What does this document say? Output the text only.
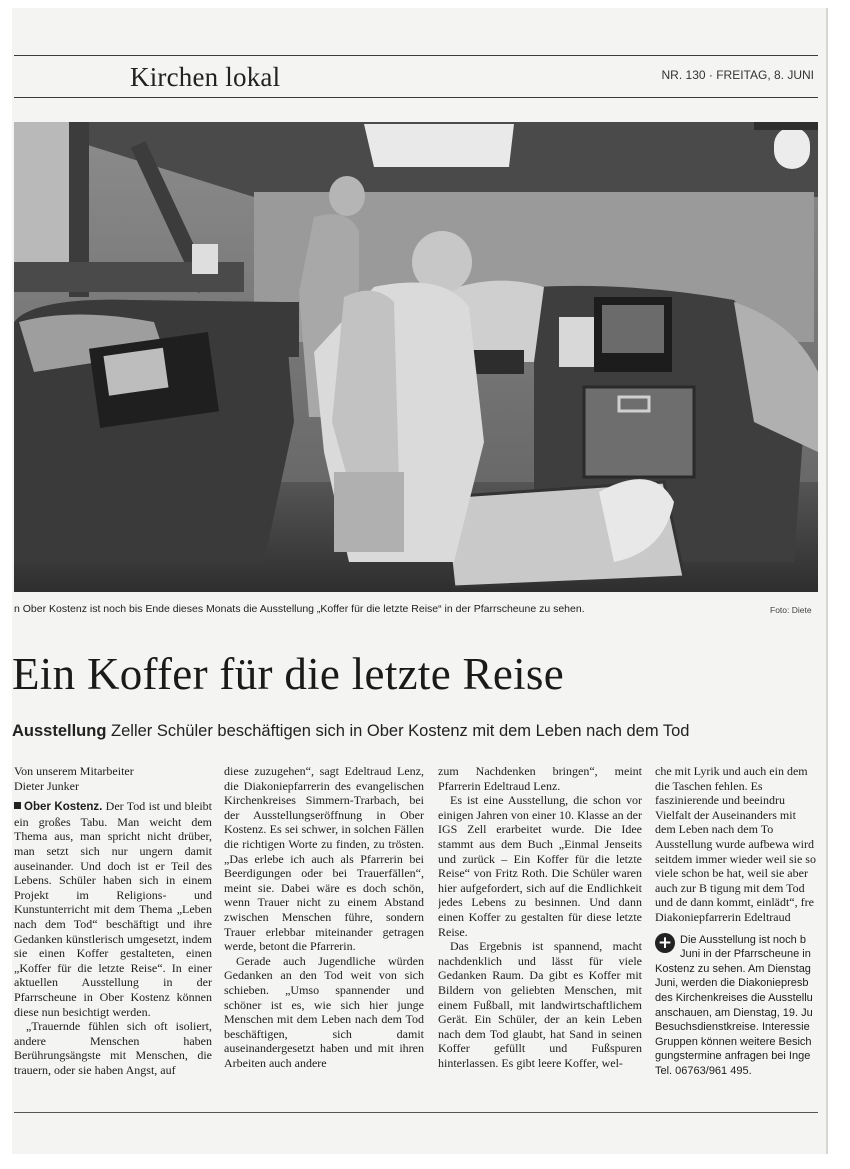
Kirchen lokal	NR. 130 · FREITAG, 8. JUNI
n Ober Kostenz ist noch bis Ende dieses Monats die Ausstellung „Koffer für die letzte Reise“ in der Pfarrscheune zu sehen.	Foto: Diete
Ein Koffer für die letzte Reise
Ausstellung Zeller Schüler beschäftigen sich in Ober Kostenz mit dem Leben nach dem Tod
Von unserem Mitarbeiter
Dieter Junker

Ober Kostenz. Der Tod ist und bleibt ein großes Tabu. Man weicht dem Thema aus, man spricht nicht drüber, man setzt sich nur ungern damit auseinander. Und doch ist er Teil des Lebens. Schüler haben sich in einem Projekt im Religions- und Kunstunterricht mit dem Thema „Leben nach dem Tod“ beschäftigt und ihre Gedanken künstlerisch umgesetzt, indem sie einen Koffer gestalteten, einen „Koffer für die letzte Reise“. In einer aktuellen Ausstellung in der Pfarrscheune in Ober Kostenz können diese nun besichtigt werden.

„Trauernde fühlen sich oft isoliert, andere Menschen haben Berührungsängste mit Menschen, die trauern, oder sie haben Angst, auf

diese zuzugehen“, sagt Edeltraud Lenz, die Diakoniepfarrerin des evangelischen Kirchenkreises Simmern-Trarbach, bei der Ausstellungseröffnung in Ober Kostenz. Es sei schwer, in solchen Fällen die richtigen Worte zu finden, zu trösten. „Das erlebe ich auch als Pfarrerin bei Beerdigungen oder bei Trauerfällen“, meint sie. Dabei wäre es doch schön, wenn Trauer nicht zu einem Abstand zwischen Menschen führe, sondern Trauer erlebbar miteinander getragen werde, betont die Pfarrerin.

Gerade auch Jugendliche würden Gedanken an den Tod weit von sich schieben. „Umso spannender und schöner ist es, wie sich hier junge Menschen mit dem Leben nach dem Tod beschäftigen, sich damit auseinandergesetzt haben und mit ihren Arbeiten auch andere

zum Nachdenken bringen“, meint Pfarrerin Edeltraud Lenz.

Es ist eine Ausstellung, die schon vor einigen Jahren von einer 10. Klasse an der IGS Zell erarbeitet wurde. Die Idee stammt aus dem Buch „Einmal Jenseits und zurück – Ein Koffer für die letzte Reise“ von Fritz Roth. Die Schüler waren hier aufgefordert, sich auf die Endlichkeit jedes Lebens zu besinnen. Und dann einen Koffer zu gestalten für diese letzte Reise.

Das Ergebnis ist spannend, macht nachdenklich und lässt für viele Gedanken Raum. Da gibt es Koffer mit Bildern von geliebten Menschen, mit einem Fußball, mit landwirtschaftlichem Gerät. Ein Schüler, der an kein Leben nach dem Tod glaubt, hat Sand in seinen Koffer gefüllt und Fußspuren hinterlassen. Es gibt leere Koffer, wel-

che mit Lyrik und auch ein dem die Taschen fehlen. Es faszinierende und beeindru Vielfalt der Auseinanders mit dem Leben nach dem To Ausstellung wurde aufbewa wird seitdem immer wieder weil sie so viele schon be hat, weil sie aber auch zur B tigung mit dem Tod und de dann kommt, einlädt“, fre Diakoniepfarrerin Edeltraud

+ Die Ausstellung ist noch b Juni in der Pfarrscheune in Kostenz zu sehen. Am Dienstag Juni, werden die Diakoniepresb des Kirchenkreises die Ausstellu anschauen, am Dienstag, 19. Ju Besuchsdienstkreise. Interessie Gruppen können weitere Besich gungstermine anfragen bei Inge Tel. 06763/961 495.
